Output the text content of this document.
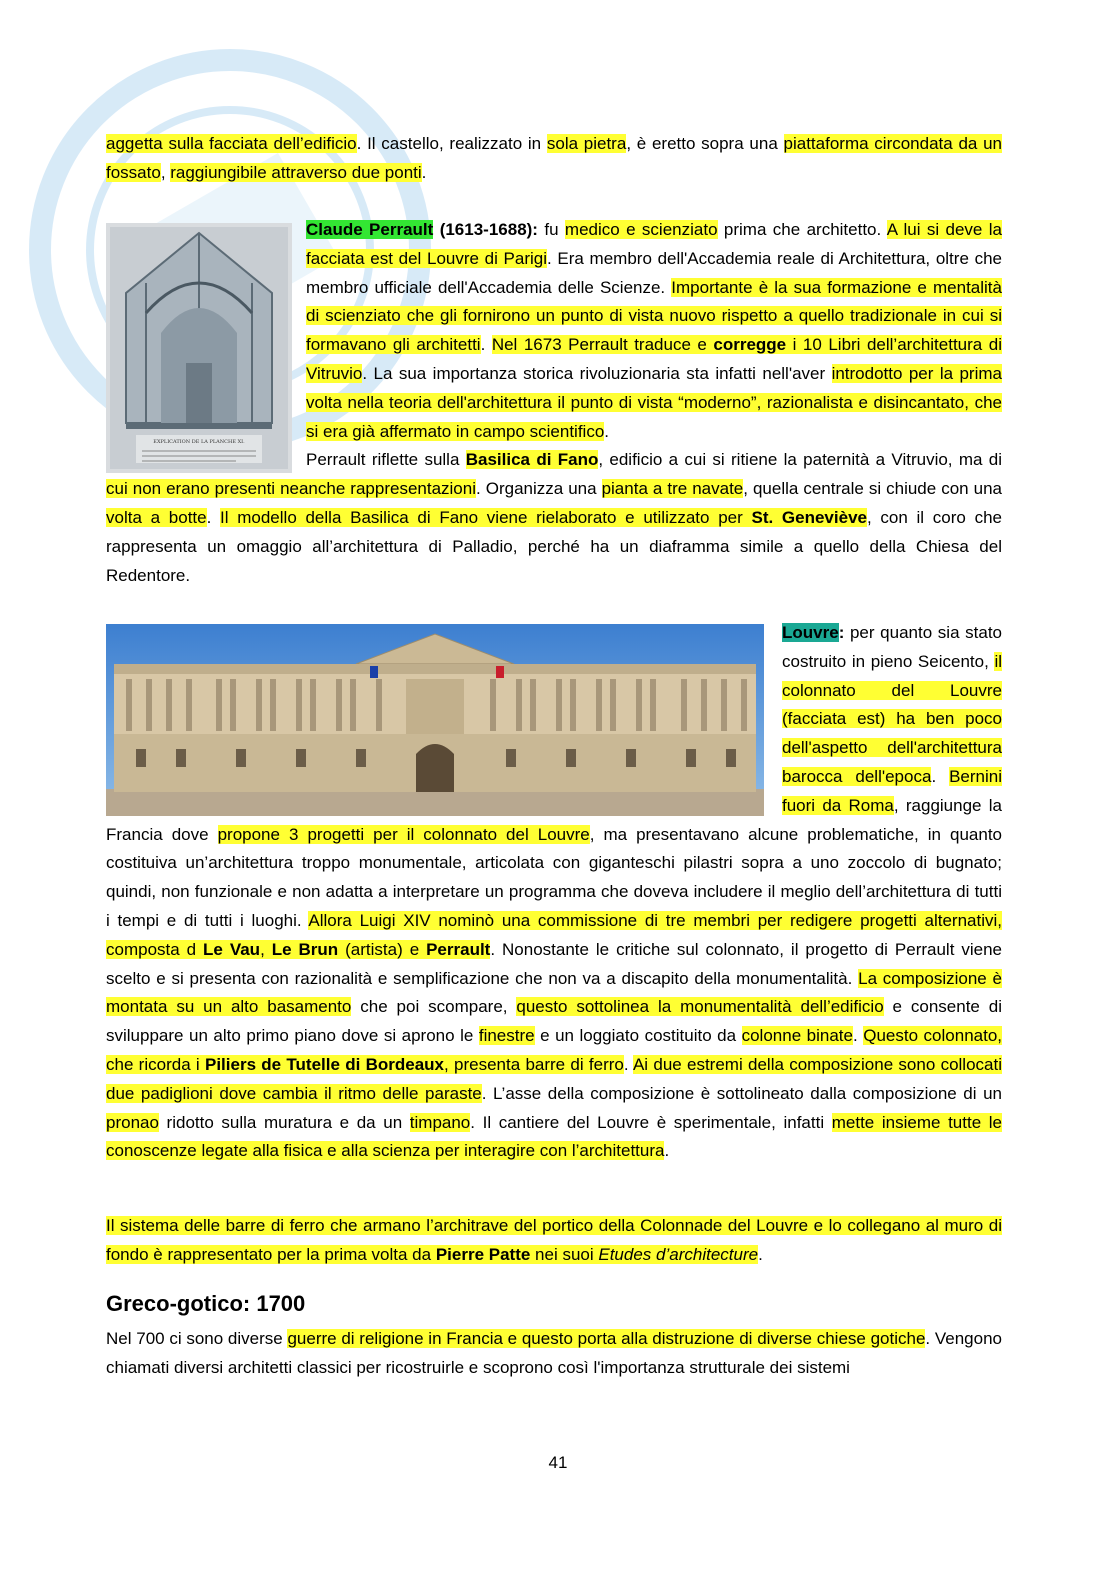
aggetta sulla facciata dell’edificio. Il castello, realizzato in sola pietra, è eretto sopra una piattaforma circondata da un fossato, raggiungibile attraverso due ponti.

EXPLICATION DE LA PLANCHE XI.
Claude Perrault (1613-1688): fu medico e scienziato prima che architetto. A lui si deve la facciata est del Louvre di Parigi. Era membro dell'Accademia reale di Architettura, oltre che membro ufficiale dell'Accademia delle Scienze. Importante è la sua formazione e mentalità di scienziato che gli fornirono un punto di vista nuovo rispetto a quello tradizionale in cui si formavano gli architetti. Nel 1673 Perrault traduce e corregge i 10 Libri dell’architettura di Vitruvio. La sua importanza storica rivoluzionaria sta infatti nell'aver introdotto per la prima volta nella teoria dell'architettura il punto di vista “moderno”, razionalista e disincantato, che si era già affermato in campo scientifico.
Perrault riflette sulla Basilica di Fano, edificio a cui si ritiene la paternità a Vitruvio, ma di cui non erano presenti neanche rappresentazioni. Organizza una pianta a tre navate, quella centrale si chiude con una volta a botte. Il modello della Basilica di Fano viene rielaborato e utilizzato per St. Geneviève, con il coro che rappresenta un omaggio all’architettura di Palladio, perché ha un diaframma simile a quello della Chiesa del Redentore.
Louvre: per quanto sia stato costruito in pieno Seicento, il colonnato del Louvre (facciata est) ha ben poco dell'aspetto dell'architettura barocca dell'epoca. Bernini fuori da Roma, raggiunge la Francia dove propone 3 progetti per il colonnato del Louvre, ma presentavano alcune problematiche, in quanto costituiva un’architettura troppo monumentale, articolata con giganteschi pilastri sopra a uno zoccolo di bugnato; quindi, non funzionale e non adatta a interpretare un programma che doveva includere il meglio dell’architettura di tutti i tempi e di tutti i luoghi. Allora Luigi XIV nominò una commissione di tre membri per redigere progetti alternativi, composta d Le Vau, Le Brun (artista) e Perrault. Nonostante le critiche sul colonnato, il progetto di Perrault viene scelto e si presenta con razionalità e semplificazione che non va a discapito della monumentalità. La composizione è montata su un alto basamento che poi scompare, questo sottolinea la monumentalità dell’edificio e consente di sviluppare un alto primo piano dove si aprono le finestre e un loggiato costituito da colonne binate. Questo colonnato, che ricorda i Piliers de Tutelle di Bordeaux, presenta barre di ferro. Ai due estremi della composizione sono collocati due padiglioni dove cambia il ritmo delle paraste. L’asse della composizione è sottolineato dalla composizione di un pronao ridotto sulla muratura e da un timpano. Il cantiere del Louvre è sperimentale, infatti mette insieme tutte le conoscenze legate alla fisica e alla scienza per interagire con l’architettura.

Il sistema delle barre di ferro che armano l’architrave del portico della Colonnade del Louvre e lo collegano al muro di fondo è rappresentato per la prima volta da Pierre Patte nei suoi Etudes d’architecture.

Greco-gotico: 1700

Nel 700 ci sono diverse guerre di religione in Francia e questo porta alla distruzione di diverse chiese gotiche. Vengono chiamati diversi architetti classici per ricostruirle e scoprono così l'importanza strutturale dei sistemi

41
